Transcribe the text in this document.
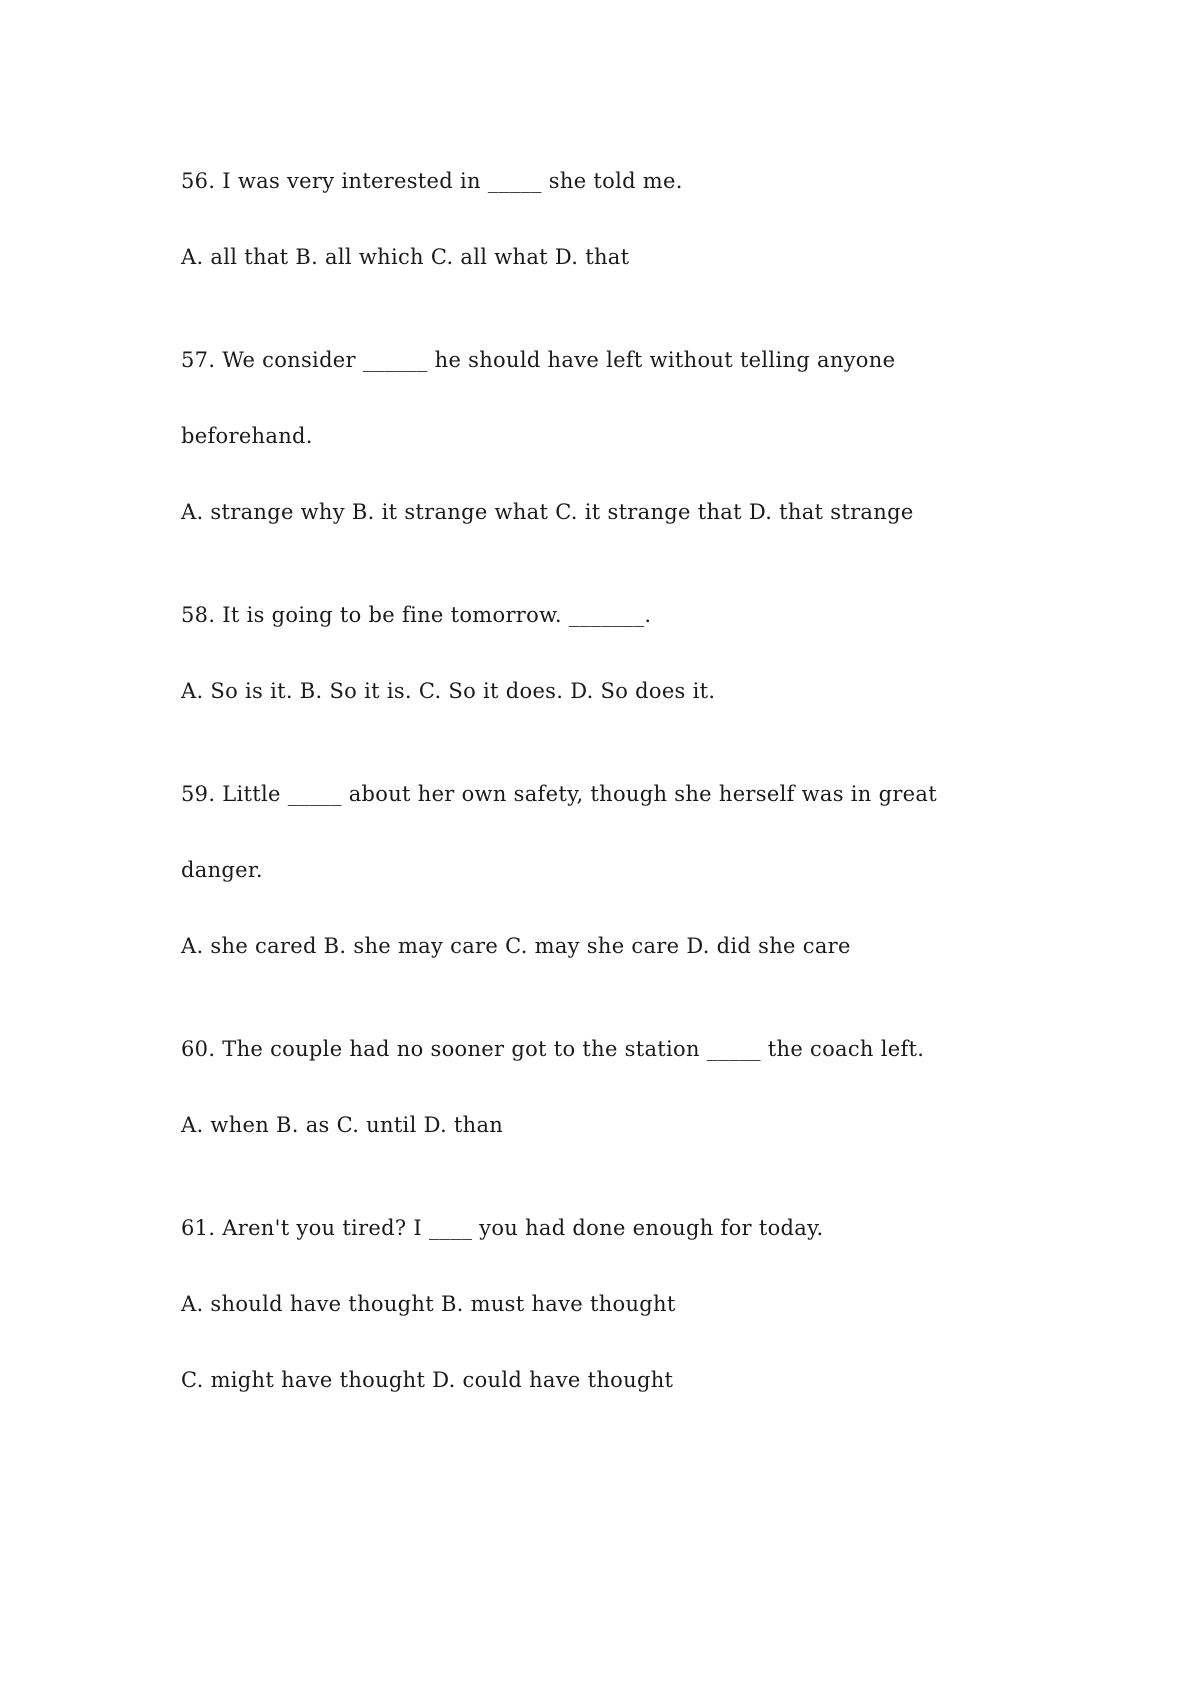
56. I was very interested in _____ she told me.

A. all that B. all which C. all what D. that

57. We consider ______ he should have left without telling anyone

beforehand.

A. strange why B. it strange what C. it strange that D. that strange

58. It is going to be fine tomorrow. _______.

A. So is it. B. So it is. C. So it does. D. So does it.

59. Little _____ about her own safety, though she herself was in great

danger.

A. she cared B. she may care C. may she care D. did she care

60. The couple had no sooner got to the station _____ the coach left.

A. when B. as C. until D. than

61. Aren't you tired? I ____ you had done enough for today.

A. should have thought B. must have thought

C. might have thought D. could have thought
